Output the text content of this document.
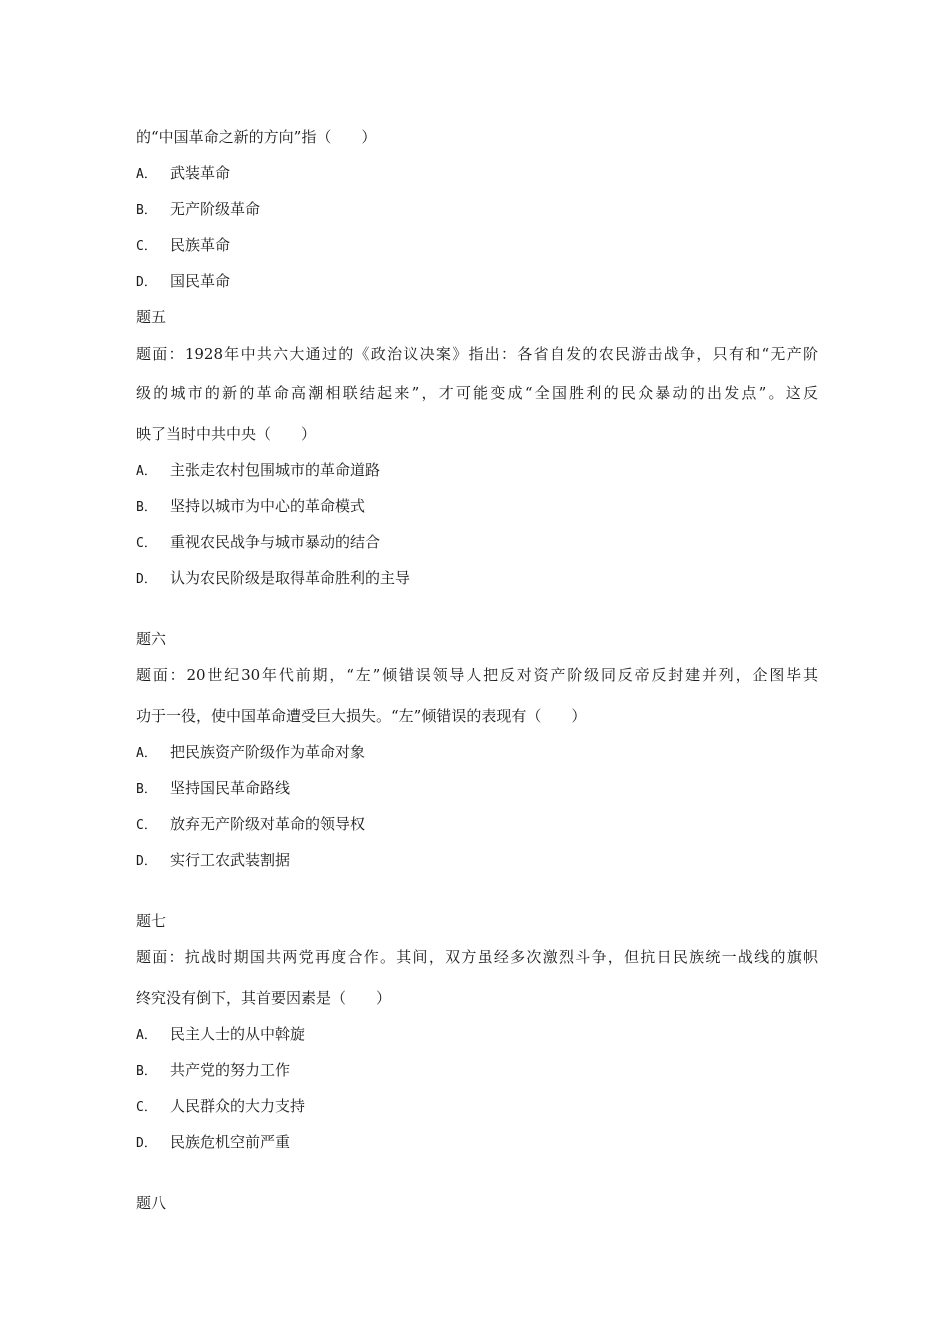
的“中国革命之新的方向”指（　　）
A． 武装革命
B． 无产阶级革命
C． 民族革命
D． 国民革命
题五
题面：1928年中共六大通过的《政治议决案》指出：各省自发的农民游击战争，只有和“无产阶
级的城市的新的革命高潮相联结起来”，才可能变成“全国胜利的民众暴动的出发点”。这反
映了当时中共中央（　　）
A． 主张走农村包围城市的革命道路
B． 坚持以城市为中心的革命模式
C． 重视农民战争与城市暴动的结合
D． 认为农民阶级是取得革命胜利的主导
题六
题面：20世纪30年代前期，“左”倾错误领导人把反对资产阶级同反帝反封建并列，企图毕其
功于一役，使中国革命遭受巨大损失。“左”倾错误的表现有（　　）
A． 把民族资产阶级作为革命对象
B． 坚持国民革命路线
C． 放弃无产阶级对革命的领导权
D． 实行工农武装割据
题七
题面：抗战时期国共两党再度合作。其间，双方虽经多次激烈斗争，但抗日民族统一战线的旗帜
终究没有倒下，其首要因素是（　　）
A． 民主人士的从中斡旋
B． 共产党的努力工作
C． 人民群众的大力支持
D． 民族危机空前严重
题八
